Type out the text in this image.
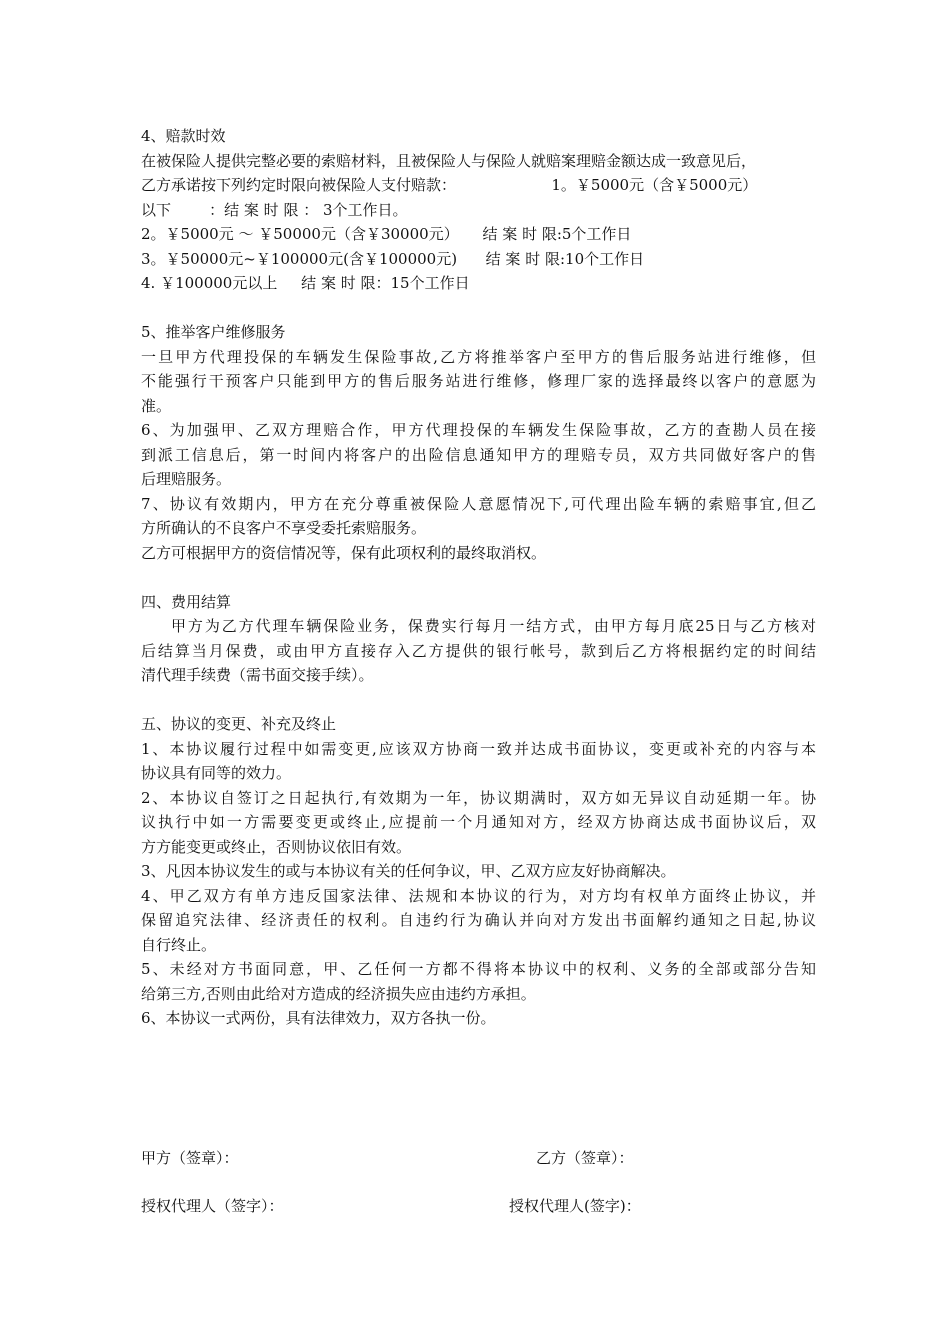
4、赔款时效
在被保险人提供完整必要的索赔材料，且被保险人与保险人就赔案理赔金额达成一致意见后，
乙方承诺按下列约定时限向被保险人支付赔款：                    1。￥5000元（含￥5000元）
以下        ：结 案 时 限 ： 3个工作日。
2。￥5000元 ～ ￥50000元（含￥30000元）     结 案 时 限:5个工作日
3。￥50000元~￥100000元(含￥100000元)      结 案 时 限:10个工作日
4. ￥100000元以上     结 案 时 限：15个工作日
5、推举客户维修服务
一旦甲方代理投保的车辆发生保险事故,乙方将推举客户至甲方的售后服务站进行维修，但
不能强行干预客户只能到甲方的售后服务站进行维修，修理厂家的选择最终以客户的意愿为
准。
6、为加强甲、乙双方理赔合作，甲方代理投保的车辆发生保险事故，乙方的查勘人员在接
到派工信息后，第一时间内将客户的出险信息通知甲方的理赔专员，双方共同做好客户的售
后理赔服务。
7、协议有效期内，甲方在充分尊重被保险人意愿情况下,可代理出险车辆的索赔事宜,但乙
方所确认的不良客户不享受委托索赔服务。
乙方可根据甲方的资信情况等，保有此项权利的最终取消权。
四、费用结算
甲方为乙方代理车辆保险业务，保费实行每月一结方式，由甲方每月底25日与乙方核对
后结算当月保费，或由甲方直接存入乙方提供的银行帐号，款到后乙方将根据约定的时间结
清代理手续费（需书面交接手续）。
五、协议的变更、补充及终止
1、本协议履行过程中如需变更,应该双方协商一致并达成书面协议，变更或补充的内容与本
协议具有同等的效力。
2、本协议自签订之日起执行,有效期为一年，协议期满时，双方如无异议自动延期一年。协
议执行中如一方需要变更或终止,应提前一个月通知对方，经双方协商达成书面协议后，双
方方能变更或终止，否则协议依旧有效。
3、凡因本协议发生的或与本协议有关的任何争议，甲、乙双方应友好协商解决。
4、甲乙双方有单方违反国家法律、法规和本协议的行为，对方均有权单方面终止协议，并
保留追究法律、经济责任的权利。自违约行为确认并向对方发出书面解约通知之日起,协议
自行终止。
5、未经对方书面同意，甲、乙任何一方都不得将本协议中的权利、义务的全部或部分告知
给第三方,否则由此给对方造成的经济损失应由违约方承担。
6、本协议一式两份，具有法律效力，双方各执一份。
甲方（签章）：	乙方（签章）：
授权代理人（签字）：	授权代理人(签字)：
